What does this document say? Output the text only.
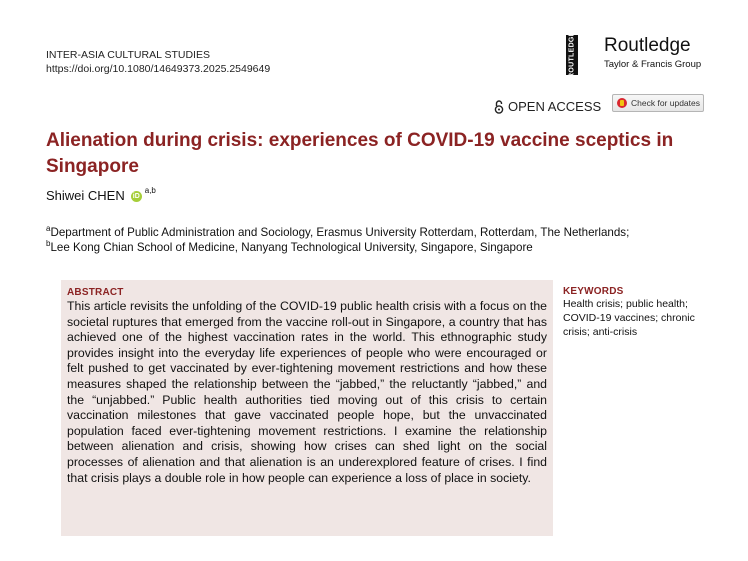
INTER-ASIA CULTURAL STUDIES
https://doi.org/10.1080/14649373.2025.2549649	ROUTLEDGE Routledge
Taylor & Francis Group
OPEN ACCESS	Check for updates
Alienation during crisis: experiences of COVID-19 vaccine sceptics in Singapore
Shiwei CHEN iD
$^{a,b}$
$^a$Department of Public Administration and Sociology, Erasmus University Rotterdam, Rotterdam, The Netherlands;
$^b$Lee Kong Chian School of Medicine, Nanyang Technological University, Singapore, Singapore
ABSTRACT
This article revisits the unfolding of the COVID-19 public health crisis with a focus on the societal ruptures that emerged from the vaccine roll-out in Singapore, a country that has achieved one of the highest vaccination rates in the world. This ethnographic study provides insight into the everyday life experiences of people who were encouraged or felt pushed to get vaccinated by ever-tightening movement restrictions and how these measures shaped the relationship between the “jabbed,” the reluctantly “jabbed,” and the “unjabbed.” Public health authorities tied moving out of this crisis to certain vaccination milestones that gave vaccinated people hope, but the unvaccinated population faced ever-tightening movement restrictions. I examine the relationship between alienation and crisis, showing how crises can shed light on the social processes of alienation and that alienation is an underexplored feature of crises. I find that crisis plays a double role in how people can experience a loss of place in society.
KEYWORDS
Health crisis; public health; COVID-19 vaccines; chronic crisis; anti-crisis
